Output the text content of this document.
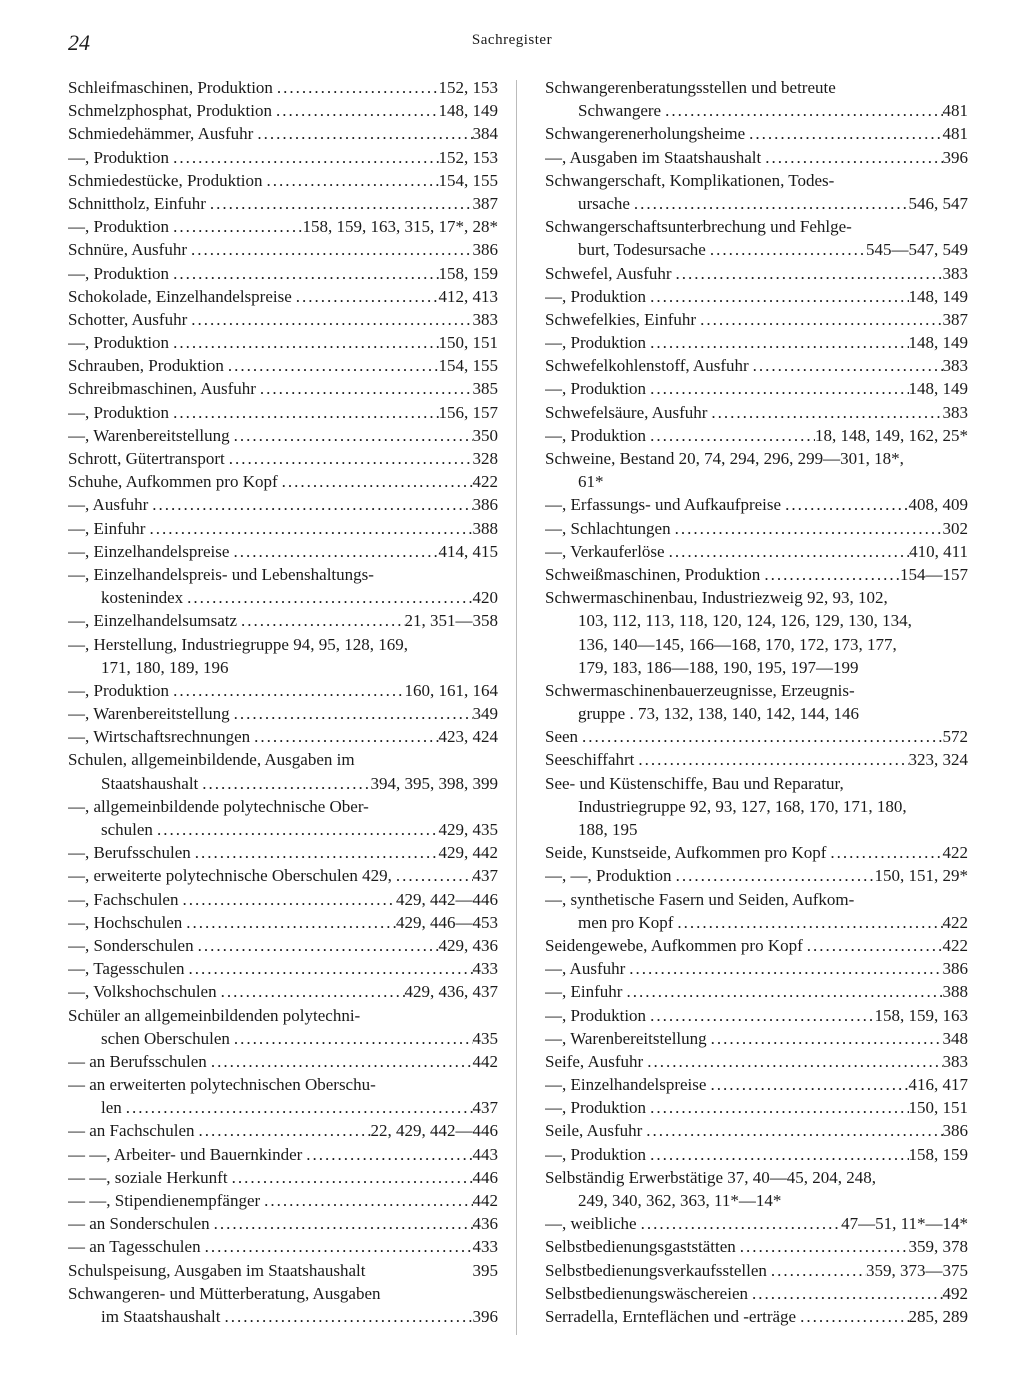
24	Sachregister
Schleifmaschinen, Produktion .....	152, 153
Schmelzphosphat, Produktion .....	148, 149
Schmiedehämmer, Ausfuhr .....	384
—, Produktion .....	152, 153
Schmiedestücke, Produktion .....	154, 155
Schnittholz, Einfuhr .....	387
—, Produktion .....	158, 159, 163, 315, 17*, 28*
Schnüre, Ausfuhr .....	386
—, Produktion .....	158, 159
Schokolade, Einzelhandelspreise .....	412, 413
Schotter, Ausfuhr .....	383
—, Produktion .....	150, 151
Schrauben, Produktion .....	154, 155
Schreibmaschinen, Ausfuhr .....	385
—, Produktion .....	156, 157
—, Warenbereitstellung .....	350
Schrott, Gütertransport .....	328
Schuhe, Aufkommen pro Kopf .....	422
—, Ausfuhr .....	386
—, Einfuhr .....	388
—, Einzelhandelspreise .....	414, 415
—, Einzelhandelspreis- und Lebenshaltungs-
kostenindex .....	420
—, Einzelhandelsumsatz .....	21, 351—358
—, Herstellung, Industriegruppe 94, 95, 128, 169,
171, 180, 189, 196
—, Produktion .....	160, 161, 164
—, Warenbereitstellung .....	349
—, Wirtschaftsrechnungen .....	423, 424
Schulen, allgemeinbildende, Ausgaben im
Staatshaushalt .....	394, 395, 398, 399
—, allgemeinbildende polytechnische Ober-
schulen .....	429, 435
—, Berufsschulen .....	429, 442
—, erweiterte polytechnische Oberschulen 429, .....	437
—, Fachschulen .....	429, 442—446
—, Hochschulen .....	429, 446—453
—, Sonderschulen .....	429, 436
—, Tagesschulen .....	433
—, Volkshochschulen .....	429, 436, 437
Schüler an allgemeinbildenden polytechni-
schen Oberschulen .....	435
— an Berufsschulen .....	442
— an erweiterten polytechnischen Oberschu-
len .....	437
— an Fachschulen .....	22, 429, 442—446
— —, Arbeiter- und Bauernkinder .....	443
— —, soziale Herkunft .....	446
— —, Stipendienempfänger .....	442
— an Sonderschulen .....	436
— an Tagesschulen .....	433
Schulspeisung, Ausgaben im Staatshaushalt	395
Schwangeren- und Mütterberatung, Ausgaben
im Staatshaushalt .....	396
Schwangerenberatungsstellen und betreute
Schwangere .....	481
Schwangerenerholungsheime .....	481
—, Ausgaben im Staatshaushalt .....	396
Schwangerschaft, Komplikationen, Todes-
ursache .....	546, 547
Schwangerschaftsunterbrechung und Fehlge-
burt, Todesursache .....	545—547, 549
Schwefel, Ausfuhr .....	383
—, Produktion .....	148, 149
Schwefelkies, Einfuhr .....	387
—, Produktion .....	148, 149
Schwefelkohlenstoff, Ausfuhr .....	383
—, Produktion .....	148, 149
Schwefelsäure, Ausfuhr .....	383
—, Produktion .....	18, 148, 149, 162, 25*
Schweine, Bestand 20, 74, 294, 296, 299—301, 18*,
61*
—, Erfassungs- und Aufkaufpreise .....	408, 409
—, Schlachtungen .....	302
—, Verkauferlöse .....	410, 411
Schweißmaschinen, Produktion .....	154—157
Schwermaschinenbau, Industriezweig 92, 93, 102,
103, 112, 113, 118, 120, 124, 126, 129, 130, 134,
136, 140—145, 166—168, 170, 172, 173, 177,
179, 183, 186—188, 190, 195, 197—199
Schwermaschinenbauerzeugnisse, Erzeugnis-
gruppe . 73, 132, 138, 140, 142, 144, 146
Seen .....	572
Seeschiffahrt .....	323, 324
See- und Küstenschiffe, Bau und Reparatur,
Industriegruppe 92, 93, 127, 168, 170, 171, 180,
188, 195
Seide, Kunstseide, Aufkommen pro Kopf .....	422
—, —, Produktion .....	150, 151, 29*
—, synthetische Fasern und Seiden, Aufkom-
men pro Kopf .....	422
Seidengewebe, Aufkommen pro Kopf .....	422
—, Ausfuhr .....	386
—, Einfuhr .....	388
—, Produktion .....	158, 159, 163
—, Warenbereitstellung .....	348
Seife, Ausfuhr .....	383
—, Einzelhandelspreise .....	416, 417
—, Produktion .....	150, 151
Seile, Ausfuhr .....	386
—, Produktion .....	158, 159
Selbständig Erwerbstätige 37, 40—45, 204, 248,
249, 340, 362, 363, 11*—14*
—, weibliche .....	47—51, 11*—14*
Selbstbedienungsgaststätten .....	359, 378
Selbstbedienungsverkaufsstellen .....	359, 373—375
Selbstbedienungswäschereien .....	492
Serradella, Ernteflächen und -erträge .....	285, 289
